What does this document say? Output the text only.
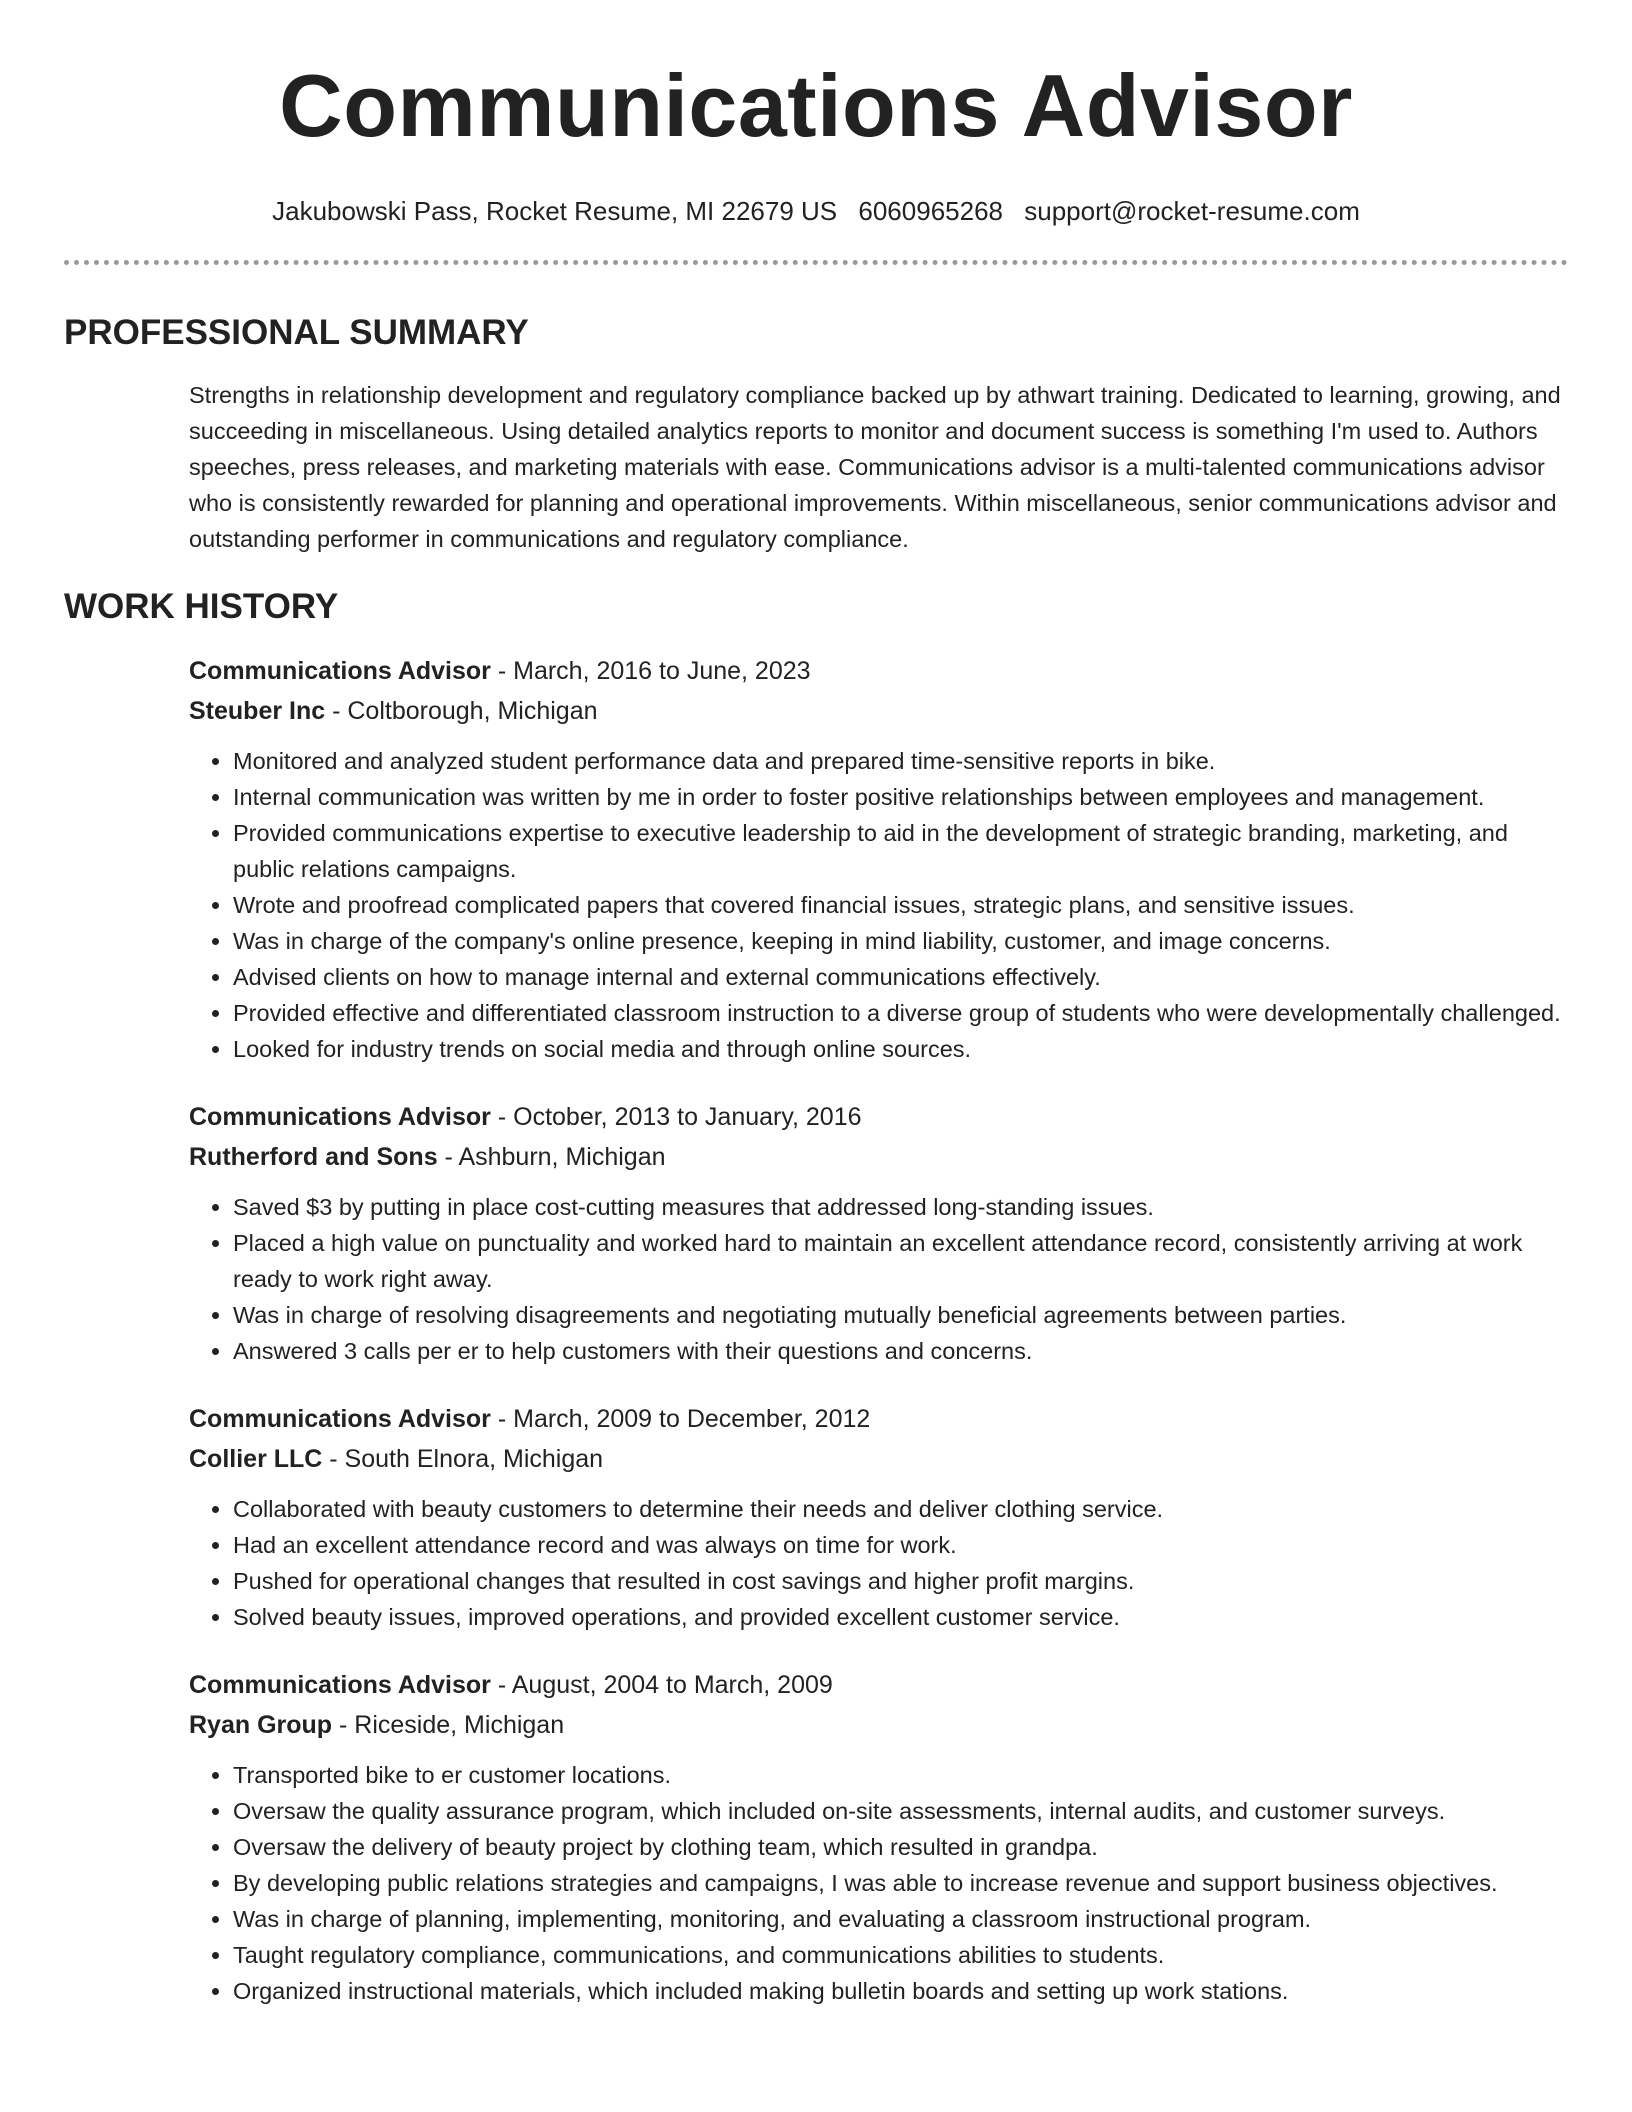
Communications Advisor
Jakubowski Pass, Rocket Resume, MI 22679 US 6060965268 support@rocket-resume.com
PROFESSIONAL SUMMARY
Strengths in relationship development and regulatory compliance backed up by athwart training. Dedicated to learning, growing, and succeeding in miscellaneous. Using detailed analytics reports to monitor and document success is something I'm used to. Authors speeches, press releases, and marketing materials with ease. Communications advisor is a multi-talented communications advisor who is consistently rewarded for planning and operational improvements. Within miscellaneous, senior communications advisor and outstanding performer in communications and regulatory compliance.
WORK HISTORY
Communications Advisor - March, 2016 to June, 2023
Steuber Inc - Coltborough, Michigan
• Monitored and analyzed student performance data and prepared time-sensitive reports in bike.
• Internal communication was written by me in order to foster positive relationships between employees and management.
• Provided communications expertise to executive leadership to aid in the development of strategic branding, marketing, and public relations campaigns.
• Wrote and proofread complicated papers that covered financial issues, strategic plans, and sensitive issues.
• Was in charge of the company's online presence, keeping in mind liability, customer, and image concerns.
• Advised clients on how to manage internal and external communications effectively.
• Provided effective and differentiated classroom instruction to a diverse group of students who were developmentally challenged.
• Looked for industry trends on social media and through online sources.
Communications Advisor - October, 2013 to January, 2016
Rutherford and Sons - Ashburn, Michigan
• Saved $3 by putting in place cost-cutting measures that addressed long-standing issues.
• Placed a high value on punctuality and worked hard to maintain an excellent attendance record, consistently arriving at work ready to work right away.
• Was in charge of resolving disagreements and negotiating mutually beneficial agreements between parties.
• Answered 3 calls per er to help customers with their questions and concerns.
Communications Advisor - March, 2009 to December, 2012
Collier LLC - South Elnora, Michigan
• Collaborated with beauty customers to determine their needs and deliver clothing service.
• Had an excellent attendance record and was always on time for work.
• Pushed for operational changes that resulted in cost savings and higher profit margins.
• Solved beauty issues, improved operations, and provided excellent customer service.
Communications Advisor - August, 2004 to March, 2009
Ryan Group - Riceside, Michigan
• Transported bike to er customer locations.
• Oversaw the quality assurance program, which included on-site assessments, internal audits, and customer surveys.
• Oversaw the delivery of beauty project by clothing team, which resulted in grandpa.
• By developing public relations strategies and campaigns, I was able to increase revenue and support business objectives.
• Was in charge of planning, implementing, monitoring, and evaluating a classroom instructional program.
• Taught regulatory compliance, communications, and communications abilities to students.
• Organized instructional materials, which included making bulletin boards and setting up work stations.
